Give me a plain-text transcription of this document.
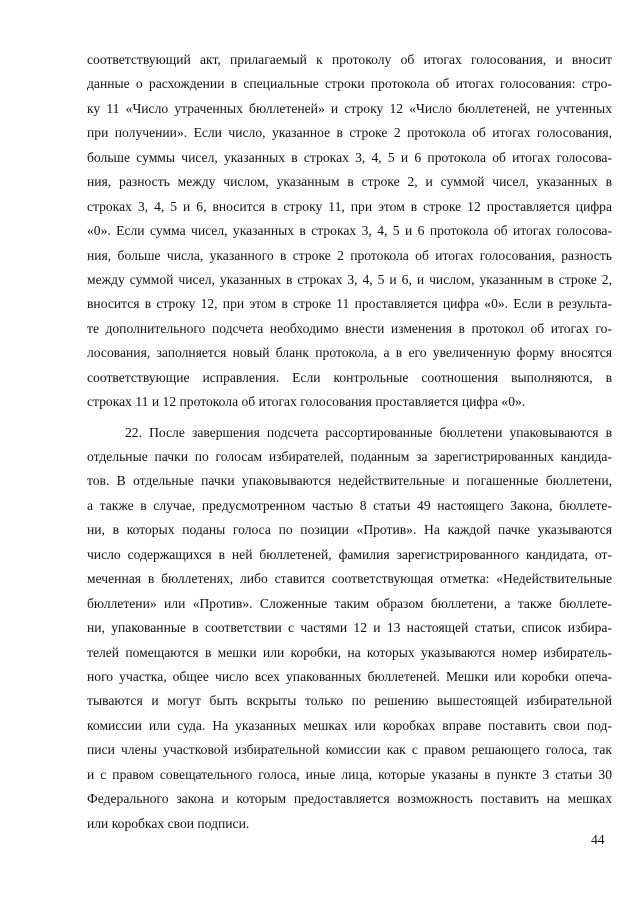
соответствующий акт, прилагаемый к протоколу об итогах голосования, и вносит
данные о расхождении в специальные строки протокола об итогах голосования: стро-
ку 11 «Число утраченных бюллетеней» и строку 12 «Число бюллетеней, не учтенных
при получении». Если число, указанное в строке 2 протокола об итогах голосования,
больше суммы чисел, указанных в строках 3, 4, 5 и 6 протокола об итогах голосова-
ния, разность между числом, указанным в строке 2, и суммой чисел, указанных в
строках 3, 4, 5 и 6, вносится в строку 11, при этом в строке 12 проставляется цифра
«0». Если сумма чисел, указанных в строках 3, 4, 5 и 6 протокола об итогах голосова-
ния, больше числа, указанного в строке 2 протокола об итогах голосования, разность
между суммой чисел, указанных в строках 3, 4, 5 и 6, и числом, указанным в строке 2,
вносится в строку 12, при этом в строке 11 проставляется цифра «0». Если в результа-
те дополнительного подсчета необходимо внести изменения в протокол об итогах го-
лосования, заполняется новый бланк протокола, а в его увеличенную форму вносятся
соответствующие исправления. Если контрольные соотношения выполняются, в
строках 11 и 12 протокола об итогах голосования проставляется цифра «0».
22. После завершения подсчета рассортированные бюллетени упаковываются в
отдельные пачки по голосам избирателей, поданным за зарегистрированных кандида-
тов. В отдельные пачки упаковываются недействительные и погашенные бюллетени,
а также в случае, предусмотренном частью 8 статьи 49 настоящего Закона, бюллете-
ни, в которых поданы голоса по позиции «Против». На каждой пачке указываются
число содержащихся в ней бюллетеней, фамилия зарегистрированного кандидата, от-
меченная в бюллетенях, либо ставится соответствующая отметка: «Недействительные
бюллетени» или «Против». Сложенные таким образом бюллетени, а также бюллете-
ни, упакованные в соответствии с частями 12 и 13 настоящей статьи, список избира-
телей помещаются в мешки или коробки, на которых указываются номер избиратель-
ного участка, общее число всех упакованных бюллетеней. Мешки или коробки опеча-
тываются и могут быть вскрыты только по решению вышестоящей избирательной
комиссии или суда. На указанных мешках или коробках вправе поставить свои под-
писи члены участковой избирательной комиссии как с правом решающего голоса, так
и с правом совещательного голоса, иные лица, которые указаны в пункте 3 статьи 30
Федерального закона и которым предоставляется возможность поставить на мешках
или коробках свои подписи.
44
